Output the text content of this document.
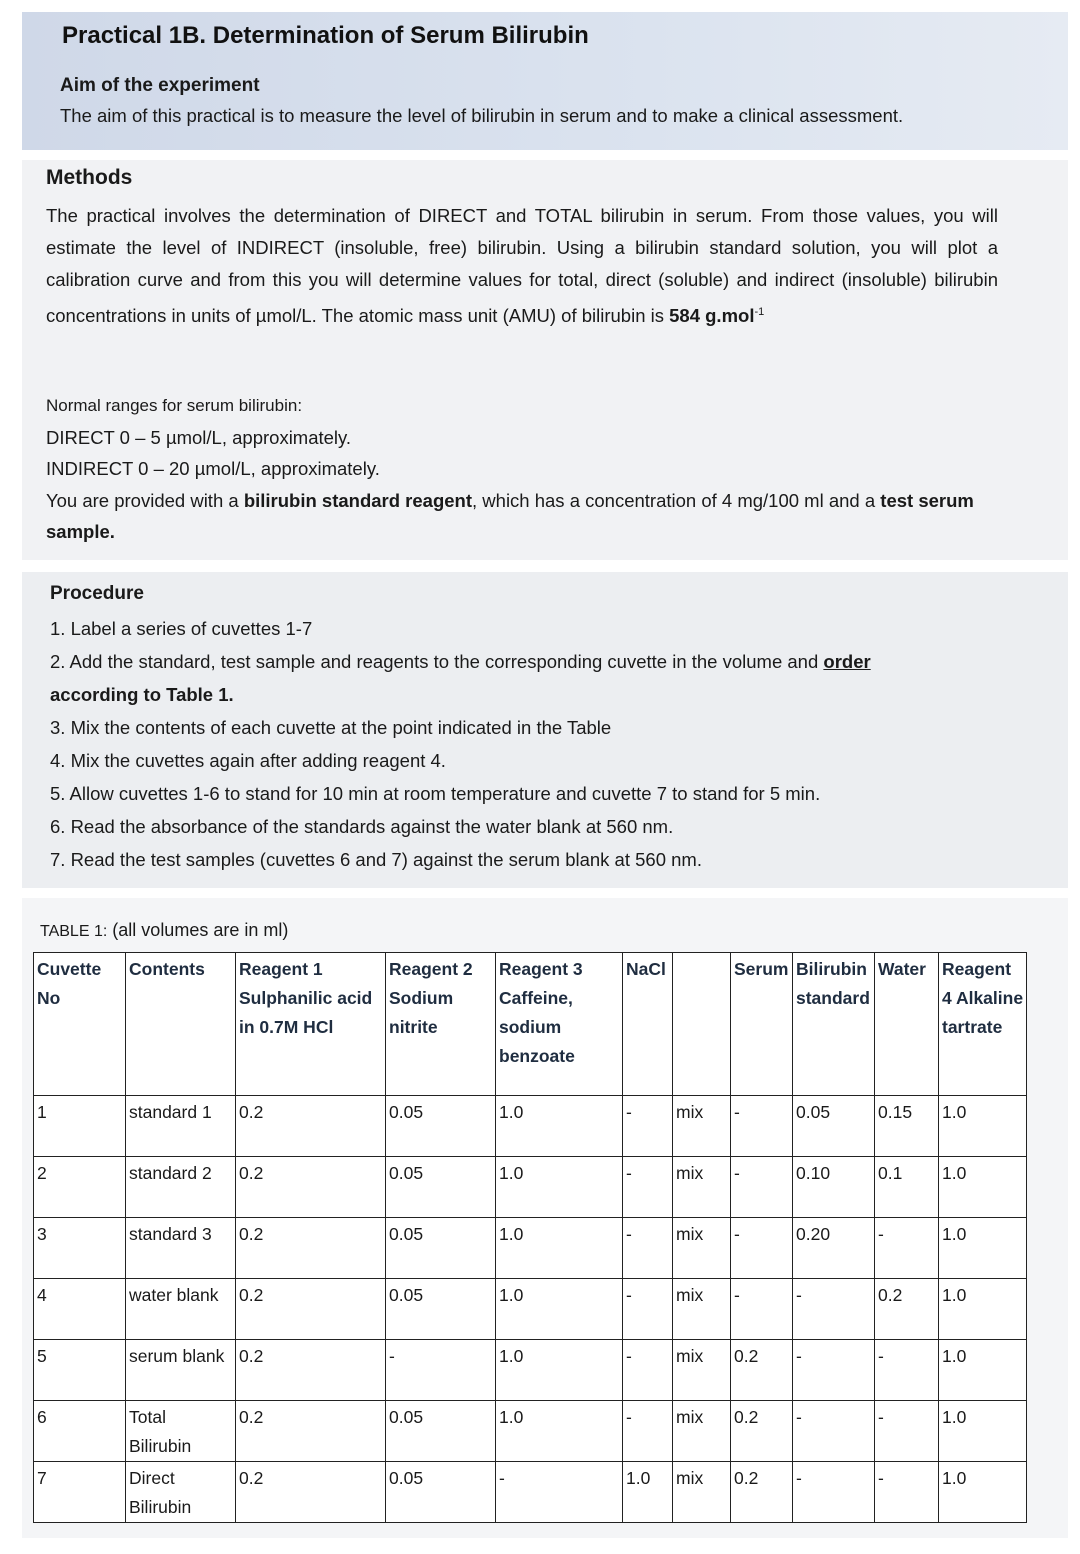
Practical 1B. Determination of Serum Bilirubin
Aim of the experiment
The aim of this practical is to measure the level of bilirubin in serum and to make a clinical assessment.
Methods
The practical involves the determination of DIRECT and TOTAL bilirubin in serum. From those values, you will estimate the level of INDIRECT (insoluble, free) bilirubin. Using a bilirubin standard solution, you will plot a calibration curve and from this you will determine values for total, direct (soluble) and indirect (insoluble) bilirubin concentrations in units of µmol/L. The atomic mass unit (AMU) of bilirubin is 584 g.mol$^{-1}$
Normal ranges for serum bilirubin:
DIRECT 0 – 5 µmol/L, approximately.
INDIRECT 0 – 20 µmol/L, approximately.
You are provided with a bilirubin standard reagent, which has a concentration of 4 mg/100 ml and a test serum sample.
Procedure
1. Label a series of cuvettes 1-7
2. Add the standard, test sample and reagents to the corresponding cuvette in the volume and order
according to Table 1.
3. Mix the contents of each cuvette at the point indicated in the Table
4. Mix the cuvettes again after adding reagent 4.
5. Allow cuvettes 1-6 to stand for 10 min at room temperature and cuvette 7 to stand for 5 min.
6. Read the absorbance of the standards against the water blank at 560 nm.
7. Read the test samples (cuvettes 6 and 7) against the serum blank at 560 nm.
TABLE 1: (all volumes are in ml)
Cuvette No	Contents	Reagent 1 Sulphanilic acid in 0.7M HCl	Reagent 2 Sodium nitrite	Reagent 3 Caffeine, sodium benzoate	NaCl		Serum	Bilirubin standard	Water	Reagent 4 Alkaline tartrate
1	standard 1	0.2	0.05	1.0	-	mix	-	0.05	0.15	1.0
2	standard 2	0.2	0.05	1.0	-	mix	-	0.10	0.1	1.0
3	standard 3	0.2	0.05	1.0	-	mix	-	0.20	-	1.0
4	water blank	0.2	0.05	1.0	-	mix	-	-	0.2	1.0
5	serum blank	0.2	-	1.0	-	mix	0.2	-	-	1.0
6	Total Bilirubin	0.2	0.05	1.0	-	mix	0.2	-	-	1.0
7	Direct Bilirubin	0.2	0.05	-	1.0	mix	0.2	-	-	1.0
